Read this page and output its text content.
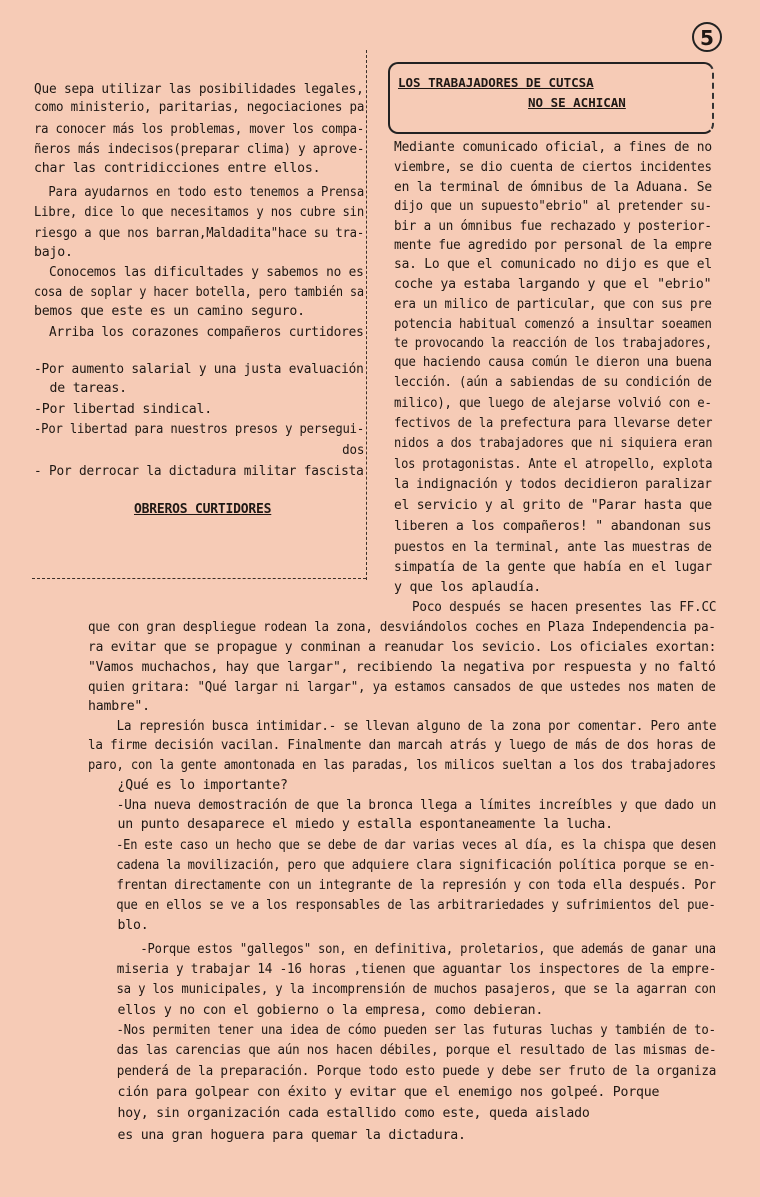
5
LOS TRABAJADORES DE CUTCSA
NO SE ACHICAN
Que sepa utilizar las posibilidades legales,
como ministerio, paritarias, negociaciones pa
ra conocer más los problemas, mover los compa-
ñeros más indecisos(preparar clima) y aprove-
char las contridicciones entre ellos.
Para ayudarnos en todo esto tenemos a Prensa
Libre, dice lo que necesitamos y nos cubre sin
riesgo a que nos barran,Maldadita"hace su tra-
bajo.
Conocemos las dificultades y sabemos no es
cosa de soplar y hacer botella, pero también sa
bemos que este es un camino seguro.
Arriba los corazones compañeros curtidores
-Por aumento salarial y una justa evaluación
de tareas.
-Por libertad sindical.
-Por libertad para nuestros presos y persegui-
dos
- Por derrocar la dictadura militar fascista
OBREROS CURTIDORES
Mediante comunicado oficial, a fines de no
viembre, se dio cuenta de ciertos incidentes
en la terminal de ómnibus de la Aduana. Se
dijo que un supuesto"ebrio" al pretender su-
bir a un ómnibus fue rechazado y posterior-
mente fue agredido por personal de la empre
sa. Lo que el comunicado no dijo es que el
coche ya estaba largando y que el "ebrio"
era un milico de particular, que con sus pre
potencia habitual comenzó a insultar soeamen
te provocando la reacción de los trabajadores,
que haciendo causa común le dieron una buena
lección. (aún a sabiendas de su condición de
milico), que luego de alejarse volvió con e-
fectivos de la prefectura para llevarse deter
nidos a dos trabajadores que ni siquiera eran
los protagonistas. Ante el atropello, explota
la indignación y todos decidieron paralizar
el servicio y al grito de "Parar hasta que
liberen a los compañeros! " abandonan sus
puestos en la terminal, ante las muestras de
simpatía de la gente que había en el lugar
y que los aplaudía.
Poco después se hacen presentes las FF.CC
que con gran despliegue rodean la zona, desviándolos coches en Plaza Independencia pa-
ra evitar que se propague y conminan a reanudar los sevicio. Los oficiales exortan:
"Vamos muchachos, hay que largar", recibiendo la negativa por respuesta y no faltó
quien gritara: "Qué largar ni largar", ya estamos cansados de que ustedes nos maten de
hambre".
La represión busca intimidar.- se llevan alguno de la zona por comentar. Pero ante
la firme decisión vacilan. Finalmente dan marcah atrás y luego de más de dos horas de
paro, con la gente amontonada en las paradas, los milicos sueltan a los dos trabajadores
¿Qué es lo importante?
-Una nueva demostración de que la bronca llega a límites increíbles y que dado un
un punto desaparece el miedo y estalla espontaneamente la lucha.
-En este caso un hecho que se debe de dar varias veces al día, es la chispa que desen
cadena la movilización, pero que adquiere clara significación política porque se en-
frentan directamente con un integrante de la represión y con toda ella después. Por
que en ellos se ve a los responsables de las arbitrariedades y sufrimientos del pue-
blo.
-Porque estos "gallegos" son, en definitiva, proletarios, que además de ganar una
miseria y trabajar 14 -16 horas ,tienen que aguantar los inspectores de la empre-
sa y los municipales, y la incomprensión de muchos pasajeros, que se la agarran con
ellos y no con el gobierno o la empresa, como debieran.
-Nos permiten tener una idea de cómo pueden ser las futuras luchas y también de to-
das las carencias que aún nos hacen débiles, porque el resultado de las mismas de-
penderá de la preparación. Porque todo esto puede y debe ser fruto de la organiza
ción para golpear con éxito y evitar que el enemigo nos golpeé. Porque
hoy, sin organización cada estallido como este, queda aislado
es una gran hoguera para quemar la dictadura.
